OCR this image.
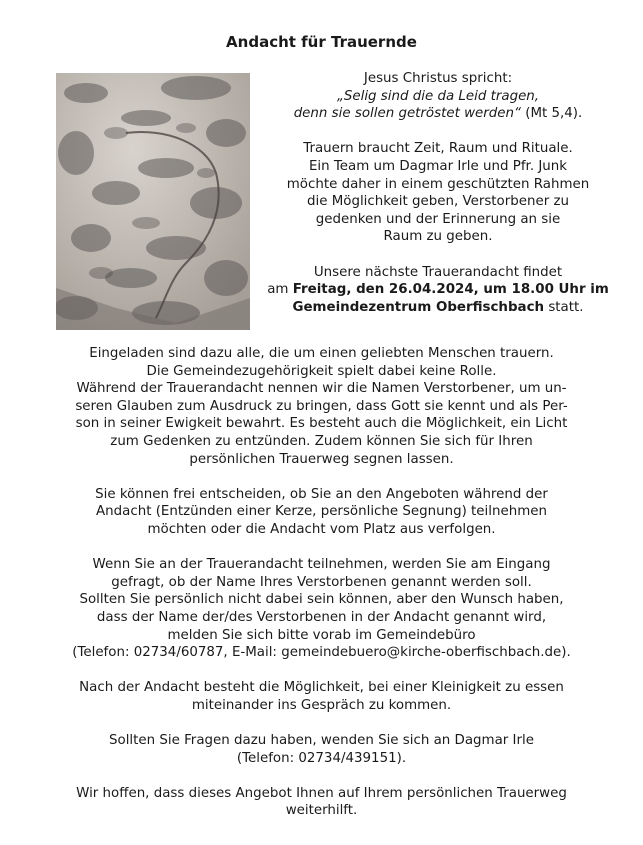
Andacht für Trauernde

Jesus Christus spricht:
„Selig sind die da Leid tragen,
denn sie sollen getröstet werden“ (Mt 5,4).

Trauern braucht Zeit, Raum und Rituale.
Ein Team um Dagmar Irle und Pfr. Junk
möchte daher in einem geschützten Rahmen
die Möglichkeit geben, Verstorbener zu
gedenken und der Erinnerung an sie
Raum zu geben.

Unsere nächste Trauerandacht findet
am Freitag, den 26.04.2024, um 18.00 Uhr im
Gemeindezentrum Oberfischbach statt.

Eingeladen sind dazu alle, die um einen geliebten Menschen trauern.
Die Gemeindezugehörigkeit spielt dabei keine Rolle.
Während der Trauerandacht nennen wir die Namen Verstorbener, um un-
seren Glauben zum Ausdruck zu bringen, dass Gott sie kennt und als Per-
son in seiner Ewigkeit bewahrt. Es besteht auch die Möglichkeit, ein Licht
zum Gedenken zu entzünden. Zudem können Sie sich für Ihren
persönlichen Trauerweg segnen lassen.

Sie können frei entscheiden, ob Sie an den Angeboten während der
Andacht (Entzünden einer Kerze, persönliche Segnung) teilnehmen
möchten oder die Andacht vom Platz aus verfolgen.

Wenn Sie an der Trauerandacht teilnehmen, werden Sie am Eingang
gefragt, ob der Name Ihres Verstorbenen genannt werden soll.
Sollten Sie persönlich nicht dabei sein können, aber den Wunsch haben,
dass der Name der/des Verstorbenen in der Andacht genannt wird,
melden Sie sich bitte vorab im Gemeindebüro
(Telefon: 02734/60787, E-Mail: gemeindebuero@kirche-oberfischbach.de).

Nach der Andacht besteht die Möglichkeit, bei einer Kleinigkeit zu essen
miteinander ins Gespräch zu kommen.

Sollten Sie Fragen dazu haben, wenden Sie sich an Dagmar Irle
(Telefon: 02734/439151).

Wir hoffen, dass dieses Angebot Ihnen auf Ihrem persönlichen Trauerweg
weiterhilft.
